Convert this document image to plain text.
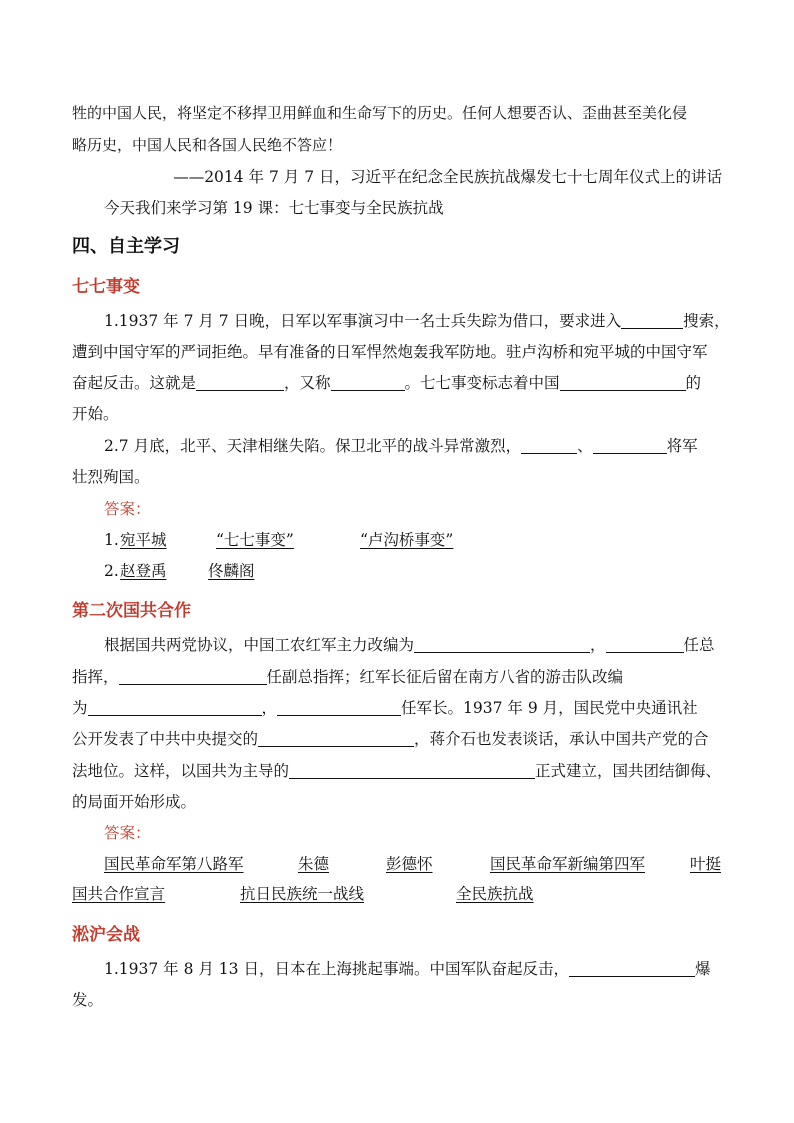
牲的中国人民，将坚定不移捍卫用鲜血和生命写下的历史。任何人想要否认、歪曲甚至美化侵
略历史，中国人民和各国人民绝不答应！
——2014 年 7 月 7 日，习近平在纪念全民族抗战爆发七十七周年仪式上的讲话
今天我们来学习第 19 课：七七事变与全民族抗战
四、自主学习
七七事变
1.1937 年 7 月 7 日晚，日军以军事演习中一名士兵失踪为借口，要求进入	搜索，
遭到中国守军的严词拒绝。早有准备的日军悍然炮轰我军防地。驻卢沟桥和宛平城的中国守军
奋起反击。这就是	，又称	。七七事变标志着中国	的
开始。
2.7 月底，北平、天津相继失陷。保卫北平的战斗异常激烈，	、	将军
壮烈殉国。
答案：
1. 宛平城	“七七事变”	“卢沟桥事变”
2. 赵登禹	佟麟阁
第二次国共合作
根据国共两党协议，中国工农红军主力改编为	，	任总
指挥，	任副总指挥；红军长征后留在南方八省的游击队改编
为	，	任军长。1937 年 9 月，国民党中央通讯社
公开发表了中共中央提交的	，蒋介石也发表谈话，承认中国共产党的合
法地位。这样，以国共为主导的	正式建立，国共团结御侮、
的局面开始形成。
答案：
国民革命军第八路军	朱德	彭德怀	国民革命军新编第四军	叶挺
国共合作宣言	抗日民族统一战线	全民族抗战
淞沪会战
1.1937 年 8 月 13 日，日本在上海挑起事端。中国军队奋起反击，	爆
发。
